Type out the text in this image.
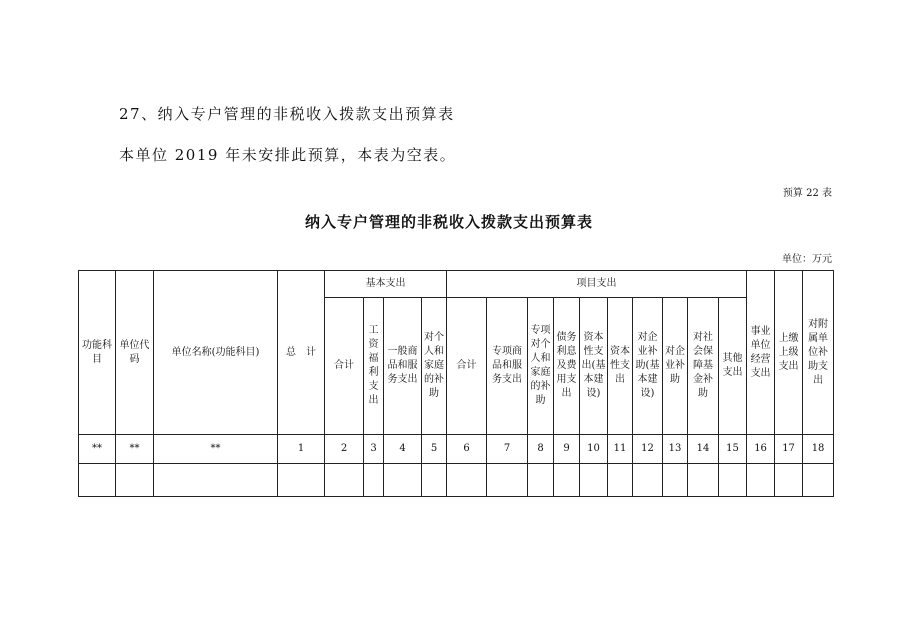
27、纳入专户管理的非税收入拨款支出预算表
本单位 2019 年未安排此预算，本表为空表。
预算 22 表
纳入专户管理的非税收入拨款支出预算表
单位：万元
功能科目	单位代码	单位名称(功能科目)	总　计	基本支出				项目支出										事业单位经营支出	上缴上级支出	对附属单位补助支出
				合计	工资福利支出	一般商品和服务支出	对个人和家庭的补助	合计	专项商品和服务支出	专项对个人和家庭的补助	债务利息及费用支出	资本性支出(基本建设)	资本性支出	对企业补助(基本建设)	对企业补助	对社会保障基金补助	其他支出			
**	**	**	1	2	3	4	5	6	7	8	9	10	11	12	13	14	15	16	17	18
